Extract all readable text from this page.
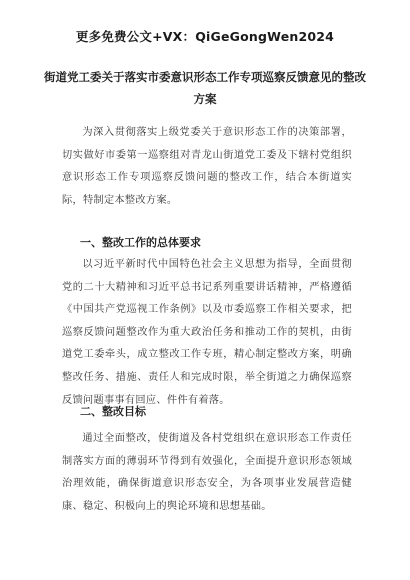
更多免费公文+VX：QiGeGongWen2024
街道党工委关于落实市委意识形态工作专项巡察反馈意见的整改方案
为深入贯彻落实上级党委关于意识形态工作的决策部署，切实做好市委第一巡察组对青龙山街道党工委及下辖村党组织意识形态工作专项巡察反馈问题的整改工作，结合本街道实际，特制定本整改方案。
一、整改工作的总体要求
以习近平新时代中国特色社会主义思想为指导，全面贯彻党的二十大精神和习近平总书记系列重要讲话精神，严格遵循《中国共产党巡视工作条例》以及市委巡察工作相关要求，把巡察反馈问题整改作为重大政治任务和推动工作的契机，由街道党工委牵头，成立整改工作专班，精心制定整改方案，明确整改任务、措施、责任人和完成时限，举全街道之力确保巡察反馈问题事事有回应、件件有着落。
二、整改目标
通过全面整改，使街道及各村党组织在意识形态工作责任制落实方面的薄弱环节得到有效强化，全面提升意识形态领域治理效能，确保街道意识形态安全，为各项事业发展营造健康、稳定、积极向上的舆论环境和思想基础。
